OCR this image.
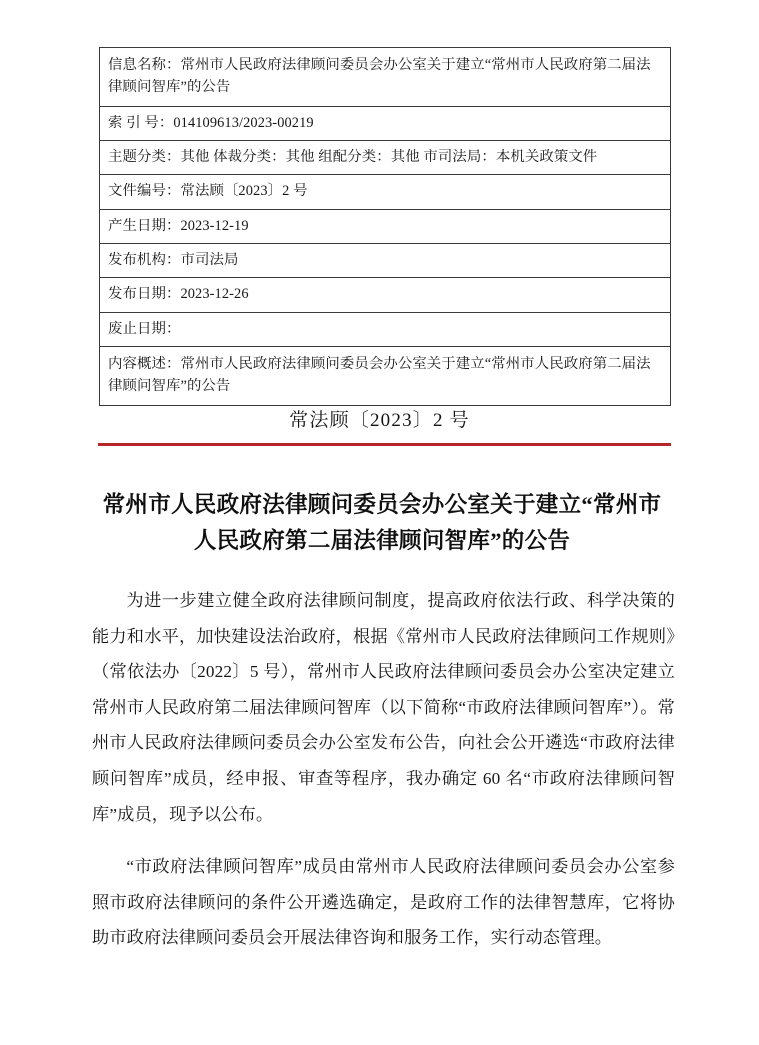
信息名称：常州市人民政府法律顾问委员会办公室关于建立“常州市人民政府第二届法律顾问智库”的公告
索 引 号：014109613/2023-00219
主题分类：其他 体裁分类：其他 组配分类：其他 市司法局：本机关政策文件
文件编号：常法顾〔2023〕2 号
产生日期：2023-12-19
发布机构：市司法局
发布日期：2023-12-26
废止日期：
内容概述：常州市人民政府法律顾问委员会办公室关于建立“常州市人民政府第二届法律顾问智库”的公告
常法顾〔2023〕2 号
常州市人民政府法律顾问委员会办公室关于建立“常州市人民政府第二届法律顾问智库”的公告

为进一步建立健全政府法律顾问制度，提高政府依法行政、科学决策的能力和水平，加快建设法治政府，根据《常州市人民政府法律顾问工作规则》（常依法办〔2022〕5 号），常州市人民政府法律顾问委员会办公室决定建立常州市人民政府第二届法律顾问智库（以下简称“市政府法律顾问智库”）。常州市人民政府法律顾问委员会办公室发布公告，向社会公开遴选“市政府法律顾问智库”成员，经申报、审查等程序，我办确定 60 名“市政府法律顾问智库”成员，现予以公布。

“市政府法律顾问智库”成员由常州市人民政府法律顾问委员会办公室参照市政府法律顾问的条件公开遴选确定，是政府工作的法律智慧库，它将协助市政府法律顾问委员会开展法律咨询和服务工作，实行动态管理。
